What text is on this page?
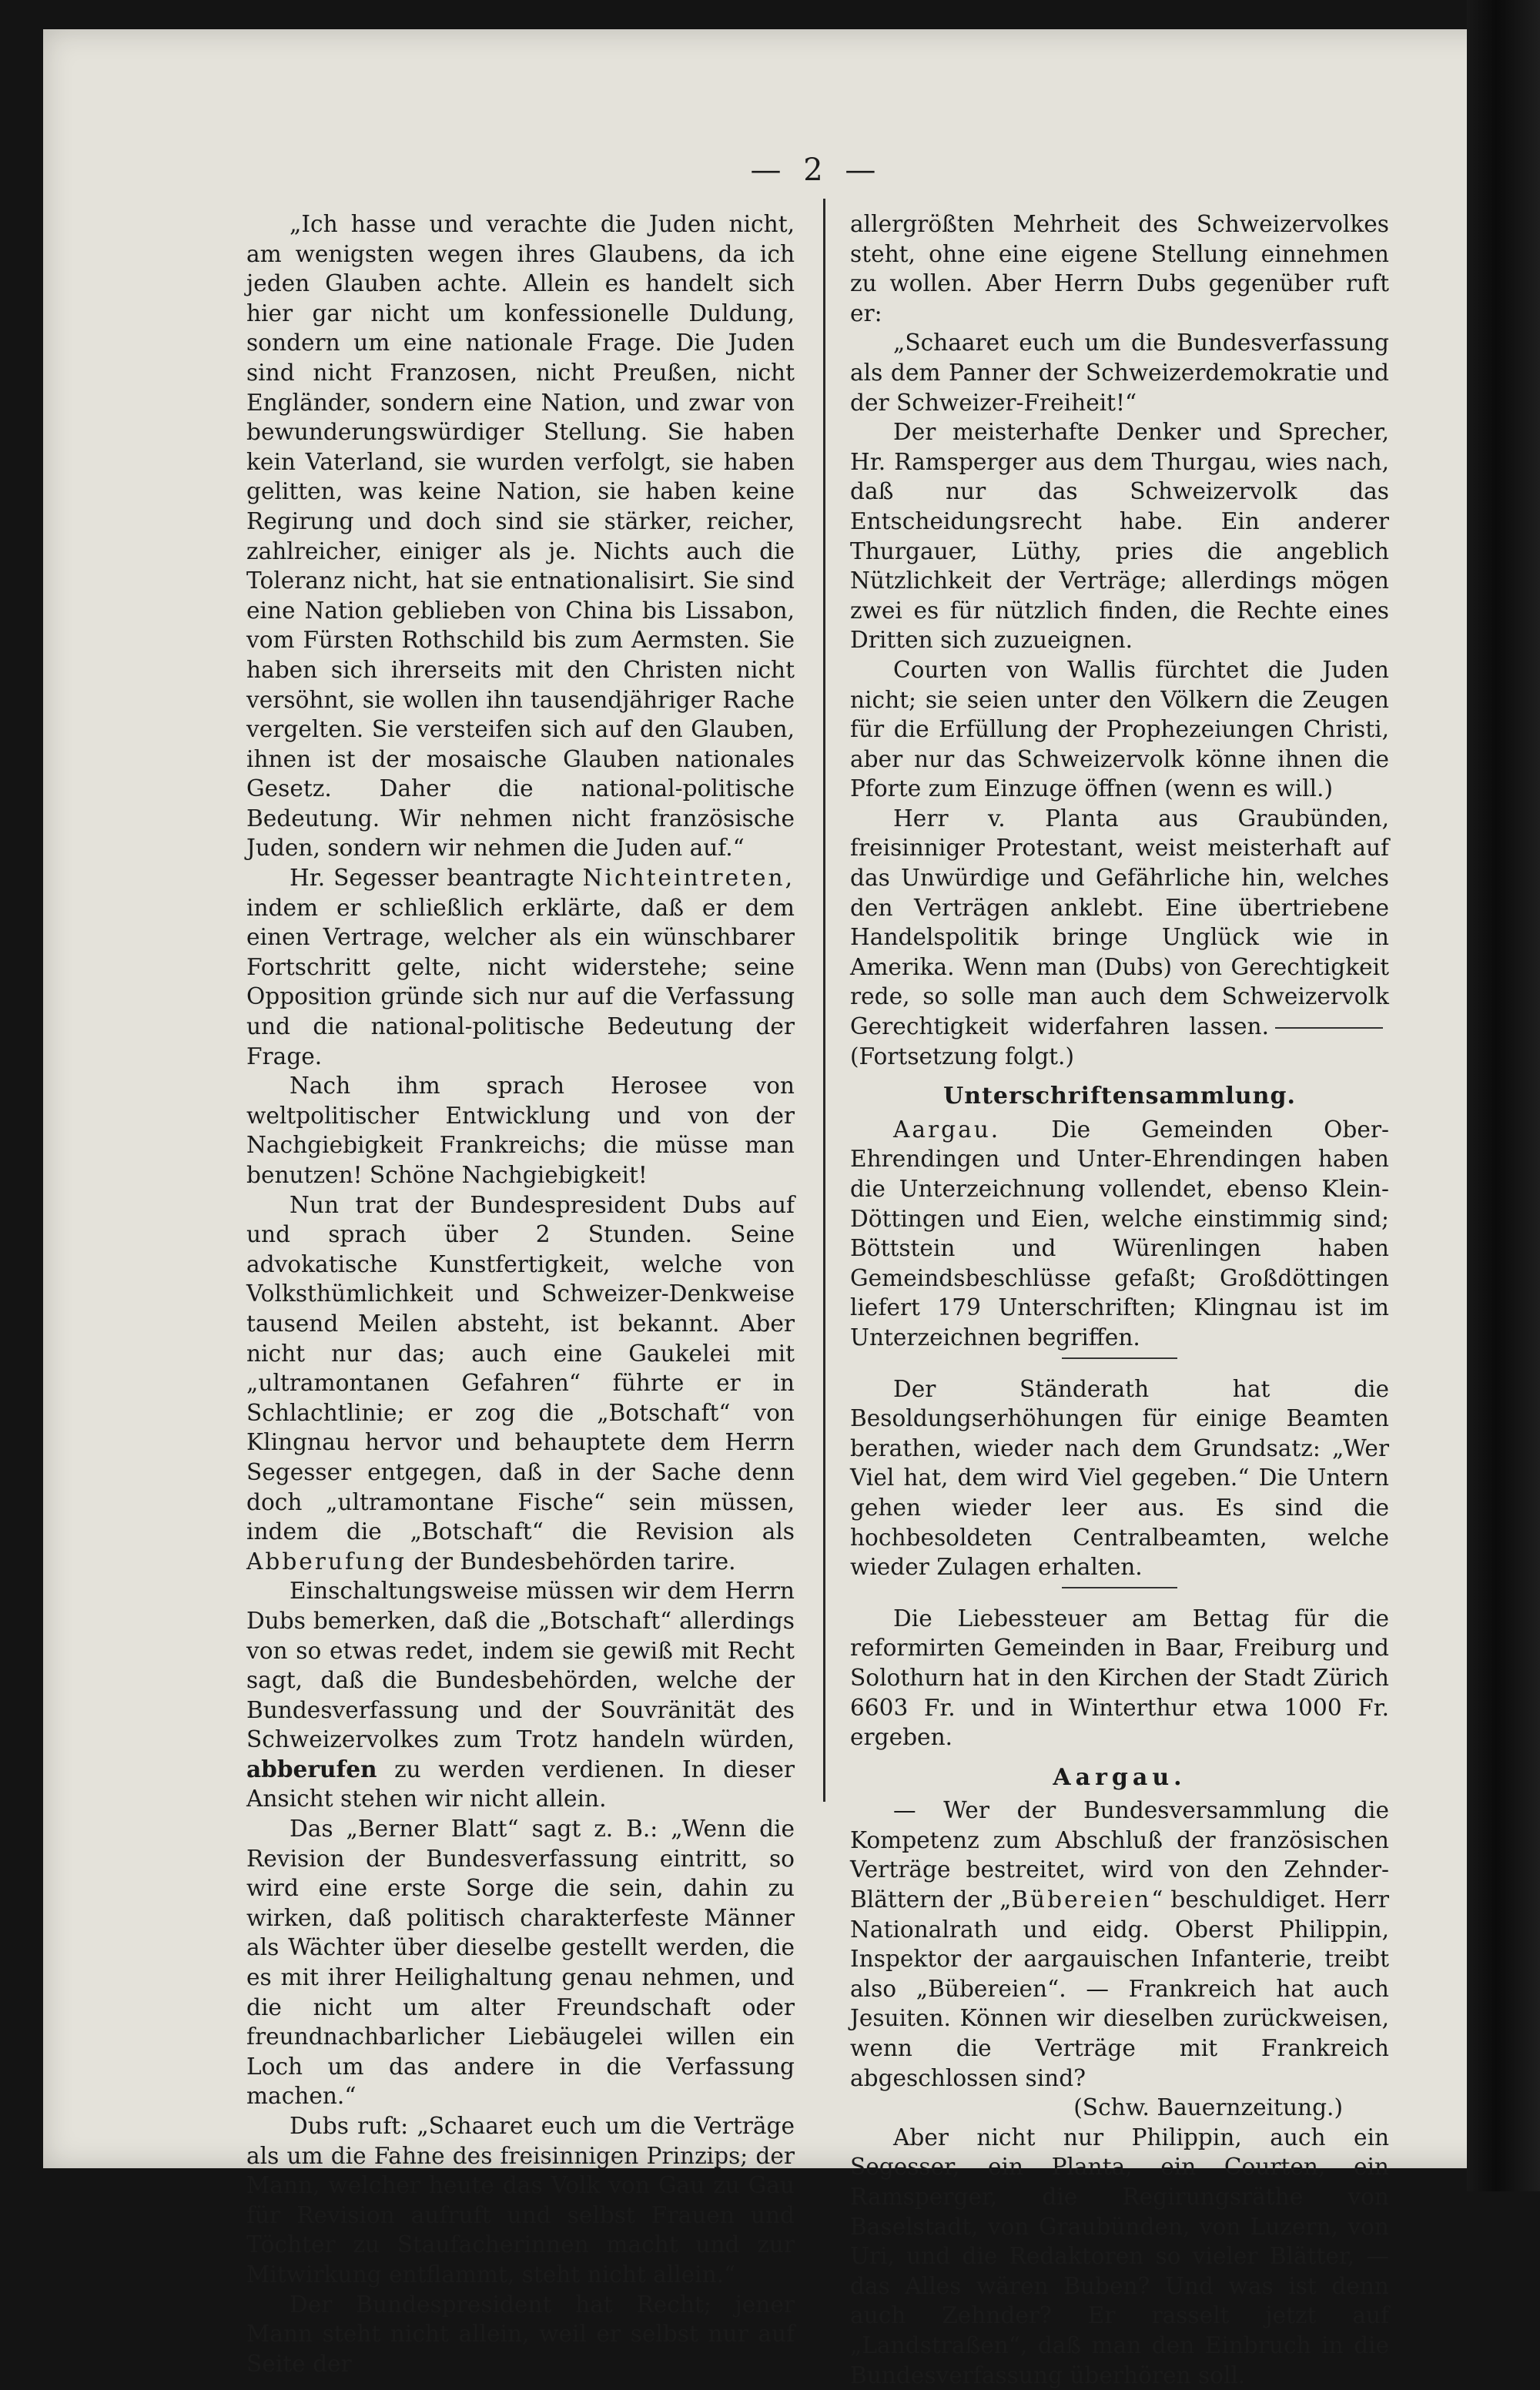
— 2 —

„Ich hasse und verachte die Juden nicht, am wenigsten wegen ihres Glaubens, da ich jeden Glauben achte. Allein es handelt sich hier gar nicht um konfessionelle Duldung, sondern um eine nationale Frage. Die Juden sind nicht Franzosen, nicht Preußen, nicht Engländer, sondern eine Nation, und zwar von bewunderungswürdiger Stellung. Sie haben kein Vaterland, sie wurden verfolgt, sie haben gelitten, was keine Nation, sie haben keine Regirung und doch sind sie stärker, reicher, zahlreicher, einiger als je. Nichts auch die Toleranz nicht, hat sie entnationalisirt. Sie sind eine Nation geblieben von China bis Lissabon, vom Fürsten Rothschild bis zum Aermsten. Sie haben sich ihrerseits mit den Christen nicht versöhnt, sie wollen ihn tausendjähriger Rache vergelten. Sie versteifen sich auf den Glauben, ihnen ist der mosaische Glauben nationales Gesetz. Daher die national-politische Bedeutung. Wir nehmen nicht französische Juden, sondern wir nehmen die Juden auf.“

Hr. Segesser beantragte Nichteintreten, indem er schließlich erklärte, daß er dem einen Vertrage, welcher als ein wünschbarer Fortschritt gelte, nicht widerstehe; seine Opposition gründe sich nur auf die Verfassung und die national-politische Bedeutung der Frage.

Nach ihm sprach Herosee von weltpolitischer Entwicklung und von der Nachgiebigkeit Frankreichs; die müsse man benutzen! Schöne Nachgiebigkeit!

Nun trat der Bundespresident Dubs auf und sprach über 2 Stunden. Seine advokatische Kunstfertigkeit, welche von Volksthümlichkeit und Schweizer-Denkweise tausend Meilen absteht, ist bekannt. Aber nicht nur das; auch eine Gaukelei mit „ultramontanen Gefahren“ führte er in Schlachtlinie; er zog die „Botschaft“ von Klingnau hervor und behauptete dem Herrn Segesser entgegen, daß in der Sache denn doch „ultramontane Fische“ sein müssen, indem die „Botschaft“ die Revision als Abberufung der Bundesbehörden tarire.

Einschaltungsweise müssen wir dem Herrn Dubs bemerken, daß die „Botschaft“ allerdings von so etwas redet, indem sie gewiß mit Recht sagt, daß die Bundesbehörden, welche der Bundesverfassung und der Souvränität des Schweizervolkes zum Trotz handeln würden, abberufen zu werden verdienen. In dieser Ansicht stehen wir nicht allein.

Das „Berner Blatt“ sagt z. B.: „Wenn die Revision der Bundesverfassung eintritt, so wird eine erste Sorge die sein, dahin zu wirken, daß politisch charakterfeste Männer als Wächter über dieselbe gestellt werden, die es mit ihrer Heilighaltung genau nehmen, und die nicht um alter Freundschaft oder freundnachbarlicher Liebäugelei willen ein Loch um das andere in die Verfassung machen.“

Dubs ruft: „Schaaret euch um die Verträge als um die Fahne des freisinnigen Prinzips; der Mann, welcher heute das Volk von Gau zu Gau für Revision aufruft und selbst Frauen und Töchter zu Staufacherinnen macht und zur Mitwirkung entflammt, steht nicht allein.“

Der Bundespresident hat Recht; jener Mann steht nicht allein, weil er selbst nur auf Seite der

allergrößten Mehrheit des Schweizervolkes steht, ohne eine eigene Stellung einnehmen zu wollen. Aber Herrn Dubs gegenüber ruft er:

„Schaaret euch um die Bundesverfassung als dem Panner der Schweizerdemokratie und der Schweizer-Freiheit!“

Der meisterhafte Denker und Sprecher, Hr. Ramsperger aus dem Thurgau, wies nach, daß nur das Schweizervolk das Entscheidungsrecht habe. Ein anderer Thurgauer, Lüthy, pries die angeblich Nützlichkeit der Verträge; allerdings mögen zwei es für nützlich finden, die Rechte eines Dritten sich zuzueignen.

Courten von Wallis fürchtet die Juden nicht; sie seien unter den Völkern die Zeugen für die Erfüllung der Prophezeiungen Christi, aber nur das Schweizervolk könne ihnen die Pforte zum Einzuge öffnen (wenn es will.)

Herr v. Planta aus Graubünden, freisinniger Protestant, weist meisterhaft auf das Unwürdige und Gefährliche hin, welches den Verträgen anklebt. Eine übertriebene Handelspolitik bringe Unglück wie in Amerika. Wenn man (Dubs) von Gerechtigkeit rede, so solle man auch dem Schweizervolk Gerechtigkeit widerfahren lassen.(Fortsetzung folgt.)

Unterschriftensammlung.

Aargau. Die Gemeinden Ober-Ehrendingen und Unter-Ehrendingen haben die Unterzeichnung vollendet, ebenso Klein-Döttingen und Eien, welche einstimmig sind; Böttstein und Würenlingen haben Gemeindsbeschlüsse gefaßt; Großdöttingen liefert 179 Unterschriften; Klingnau ist im Unterzeichnen begriffen.

Der Ständerath hat die Besoldungserhöhungen für einige Beamten berathen, wieder nach dem Grundsatz: „Wer Viel hat, dem wird Viel gegeben.“ Die Untern gehen wieder leer aus. Es sind die hochbesoldeten Centralbeamten, welche wieder Zulagen erhalten.

Die Liebessteuer am Bettag für die reformirten Gemeinden in Baar, Freiburg und Solothurn hat in den Kirchen der Stadt Zürich 6603 Fr. und in Winterthur etwa 1000 Fr. ergeben.

Aargau.

— Wer der Bundesversammlung die Kompetenz zum Abschluß der französischen Verträge bestreitet, wird von den Zehnder-Blättern der „Bübereien“ beschuldiget. Herr Nationalrath und eidg. Oberst Philippin, Inspektor der aargauischen Infanterie, treibt also „Bübereien“. — Frankreich hat auch Jesuiten. Können wir dieselben zurückweisen, wenn die Verträge mit Frankreich abgeschlossen sind?

(Schw. Bauernzeitung.)

Aber nicht nur Philippin, auch ein Segesser, ein Planta, ein Courten, ein Ramsperger, die Regirungsräthe von Baselstadt, von Graubünden, von Luzern, von Uri, und die Redaktoren so vieler Blätter, — das Alles wären Buben? Und was ist denn auch Zehnder? Er rasselt jetzt auf „Landstraßen“, daß man den Einbruch in die Bundesverfassung überhören soll.
